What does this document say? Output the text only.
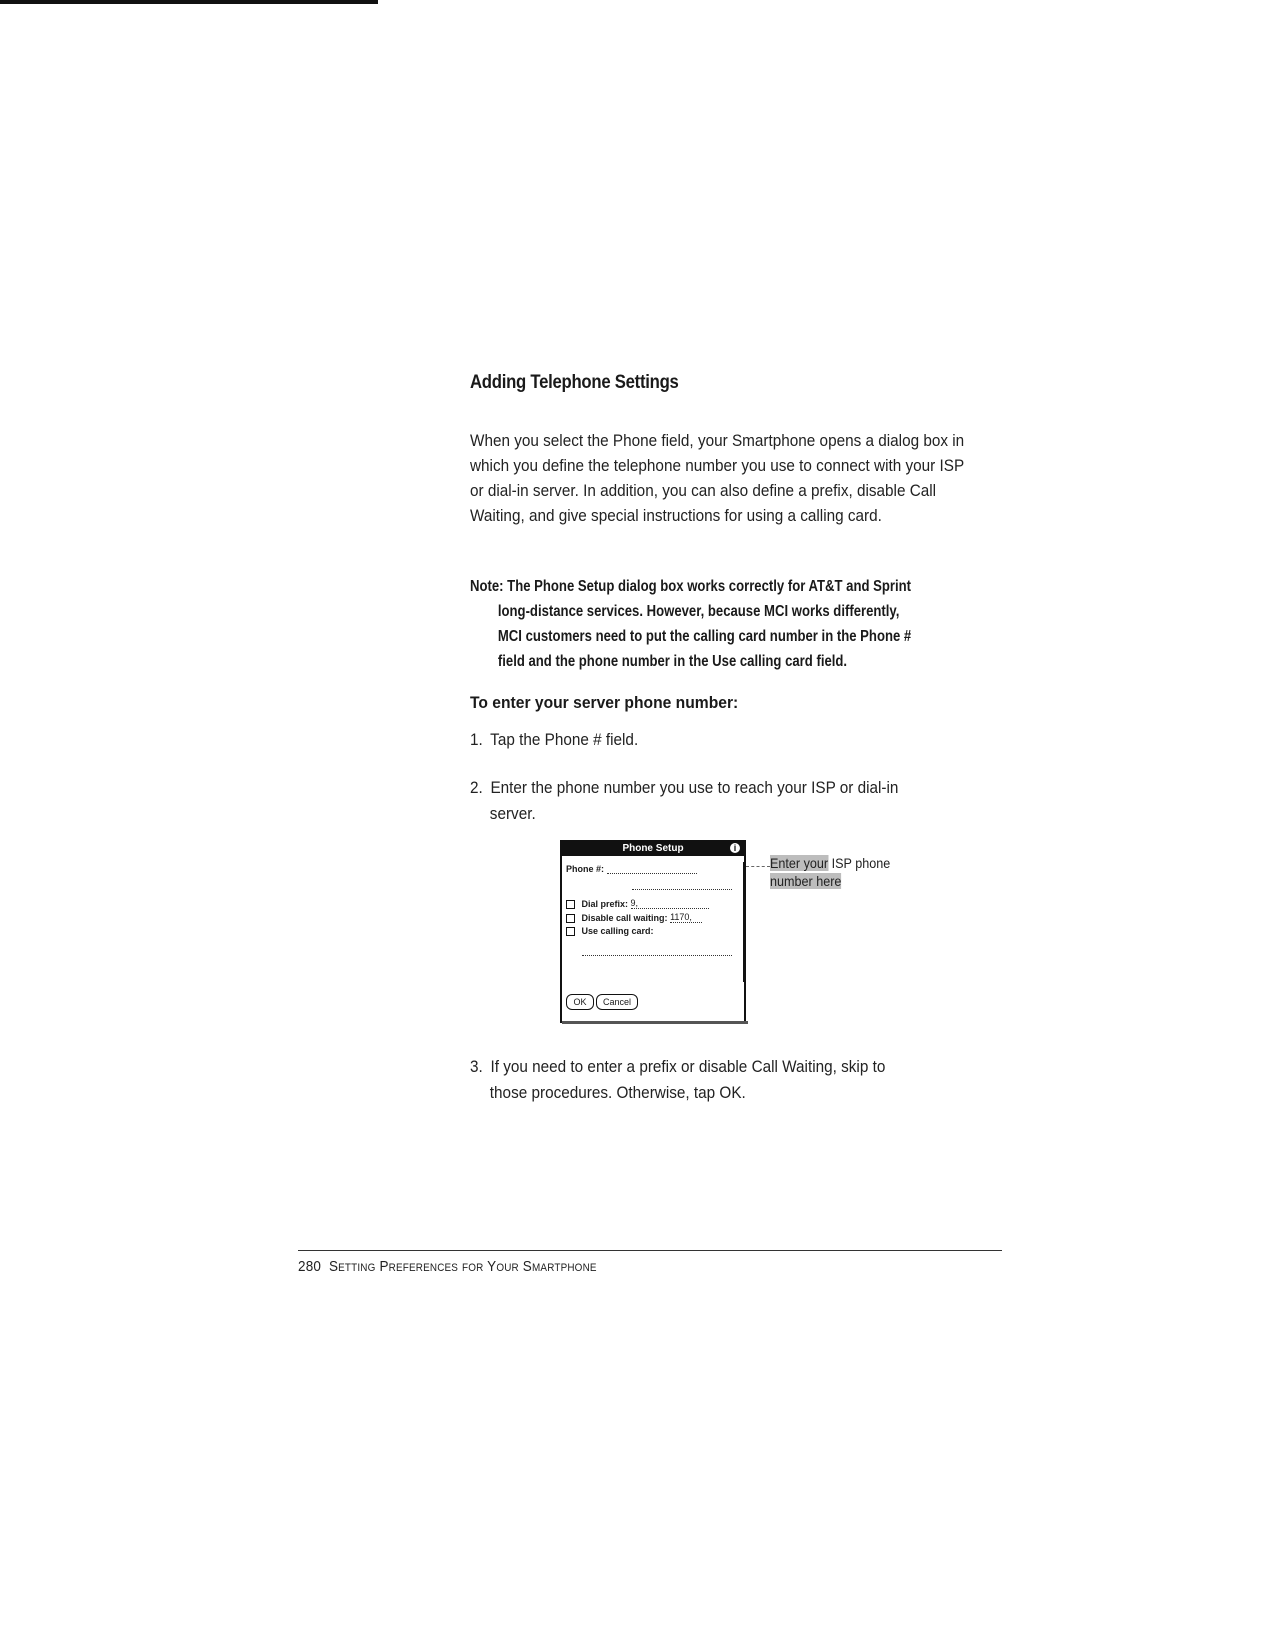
Adding Telephone Settings
When you select the Phone field, your Smartphone opens a dialog box in which you define the telephone number you use to connect with your ISP or dial-in server. In addition, you can also define a prefix, disable Call Waiting, and give special instructions for using a calling card.
Note: The Phone Setup dialog box works correctly for AT&T and Sprint long-distance services. However, because MCI works differently, MCI customers need to put the calling card number in the Phone # field and the phone number in the Use calling card field.
To enter your server phone number:
1. Tap the Phone # field.
2. Enter the phone number you use to reach your ISP or dial-in
server.
Phone Setup	i
Phone #:
Dial prefix: 9,
Disable call waiting: 1170,
Use calling card:
OK	Cancel
Enter your ISP phone
number here
3. If you need to enter a prefix or disable Call Waiting, skip to
those procedures. Otherwise, tap OK.
280 Setting Preferences for Your Smartphone
